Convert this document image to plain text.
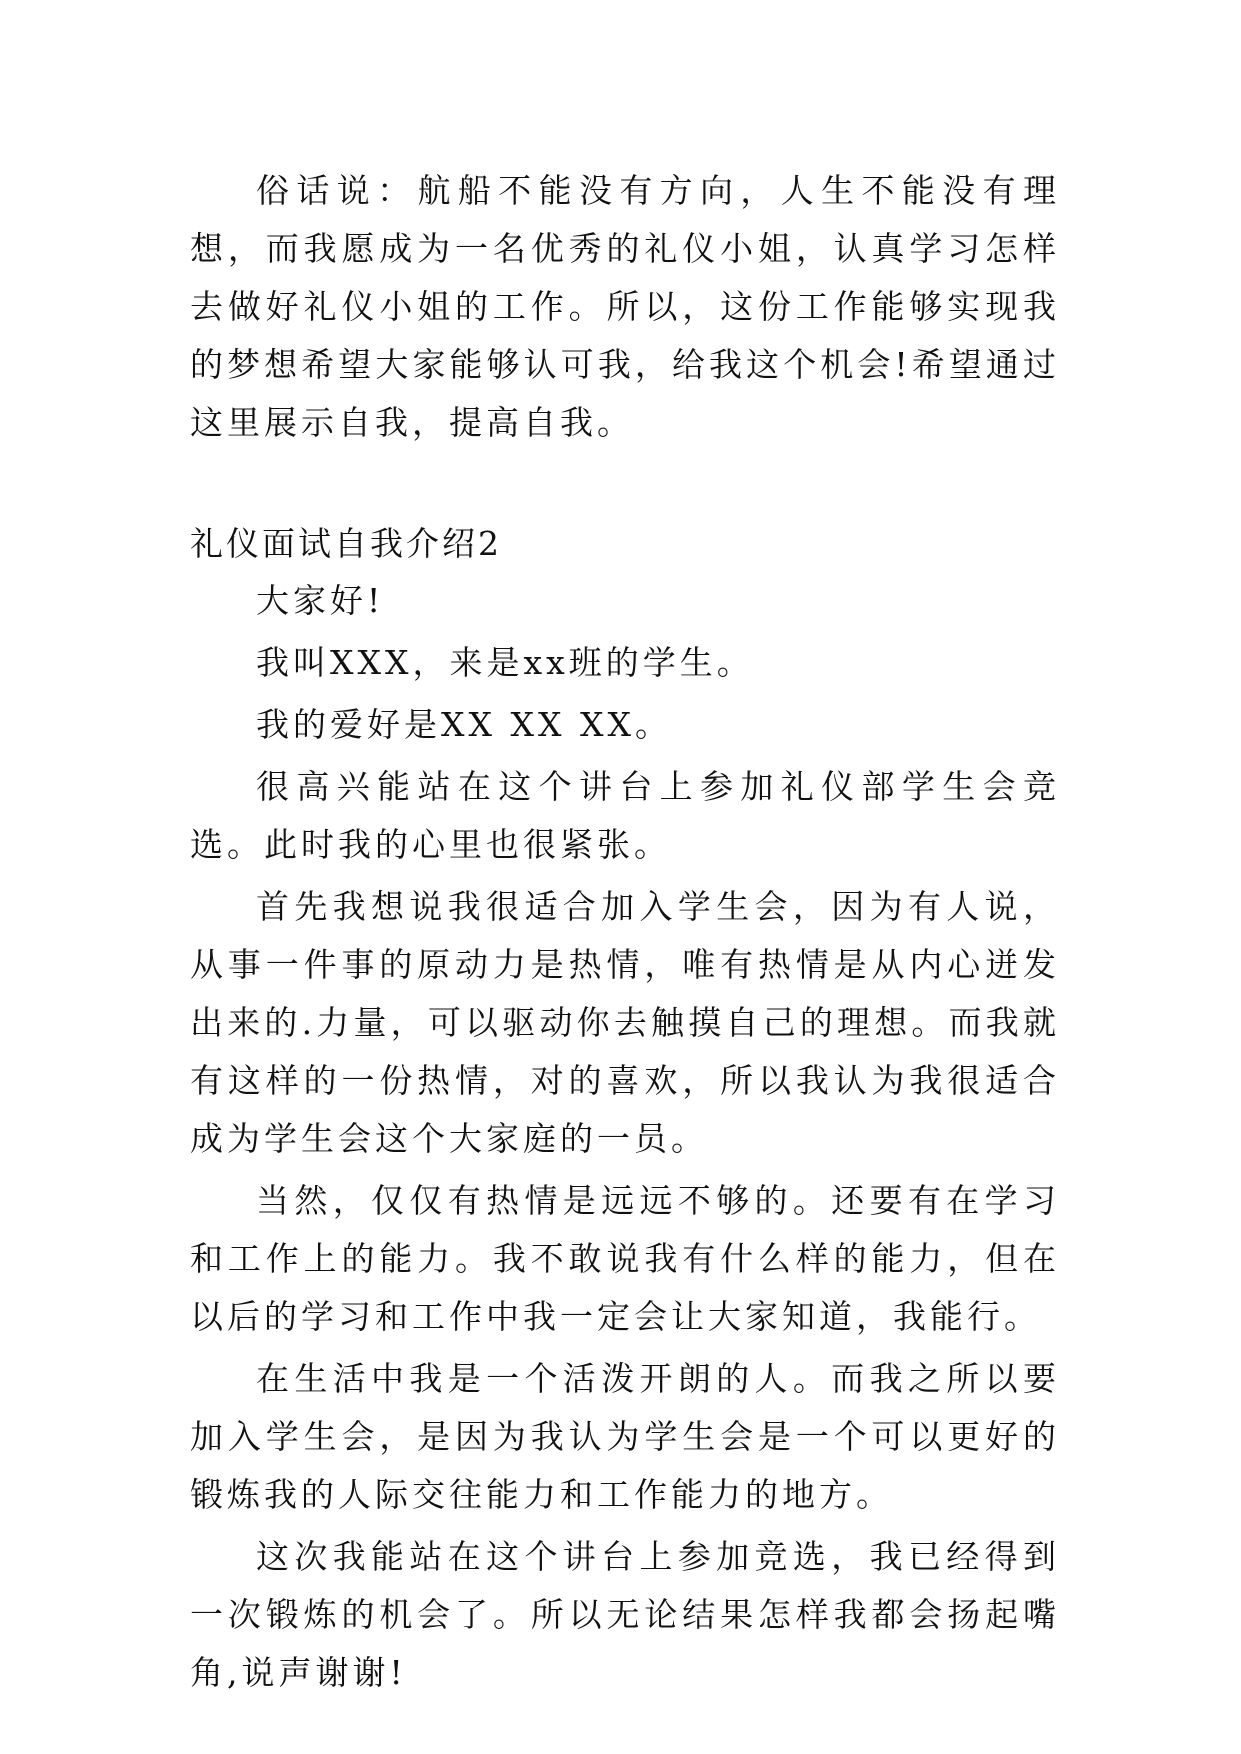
俗话说：航船不能没有方向，人生不能没有理想，而我愿成为一名优秀的礼仪小姐，认真学习怎样去做好礼仪小姐的工作。所以，这份工作能够实现我的梦想希望大家能够认可我，给我这个机会!希望通过这里展示自我，提高自我。

礼仪面试自我介绍2

大家好!

我叫XXX，来是xx班的学生。

我的爱好是XX XX XX。

很高兴能站在这个讲台上参加礼仪部学生会竞选。此时我的心里也很紧张。

首先我想说我很适合加入学生会，因为有人说，从事一件事的原动力是热情，唯有热情是从内心迸发出来的.力量，可以驱动你去触摸自己的理想。而我就有这样的一份热情，对的喜欢，所以我认为我很适合成为学生会这个大家庭的一员。

当然，仅仅有热情是远远不够的。还要有在学习和工作上的能力。我不敢说我有什么样的能力，但在以后的学习和工作中我一定会让大家知道，我能行。

在生活中我是一个活泼开朗的人。而我之所以要加入学生会，是因为我认为学生会是一个可以更好的锻炼我的人际交往能力和工作能力的地方。

这次我能站在这个讲台上参加竞选，我已经得到一次锻炼的机会了。所以无论结果怎样我都会扬起嘴角,说声谢谢!
